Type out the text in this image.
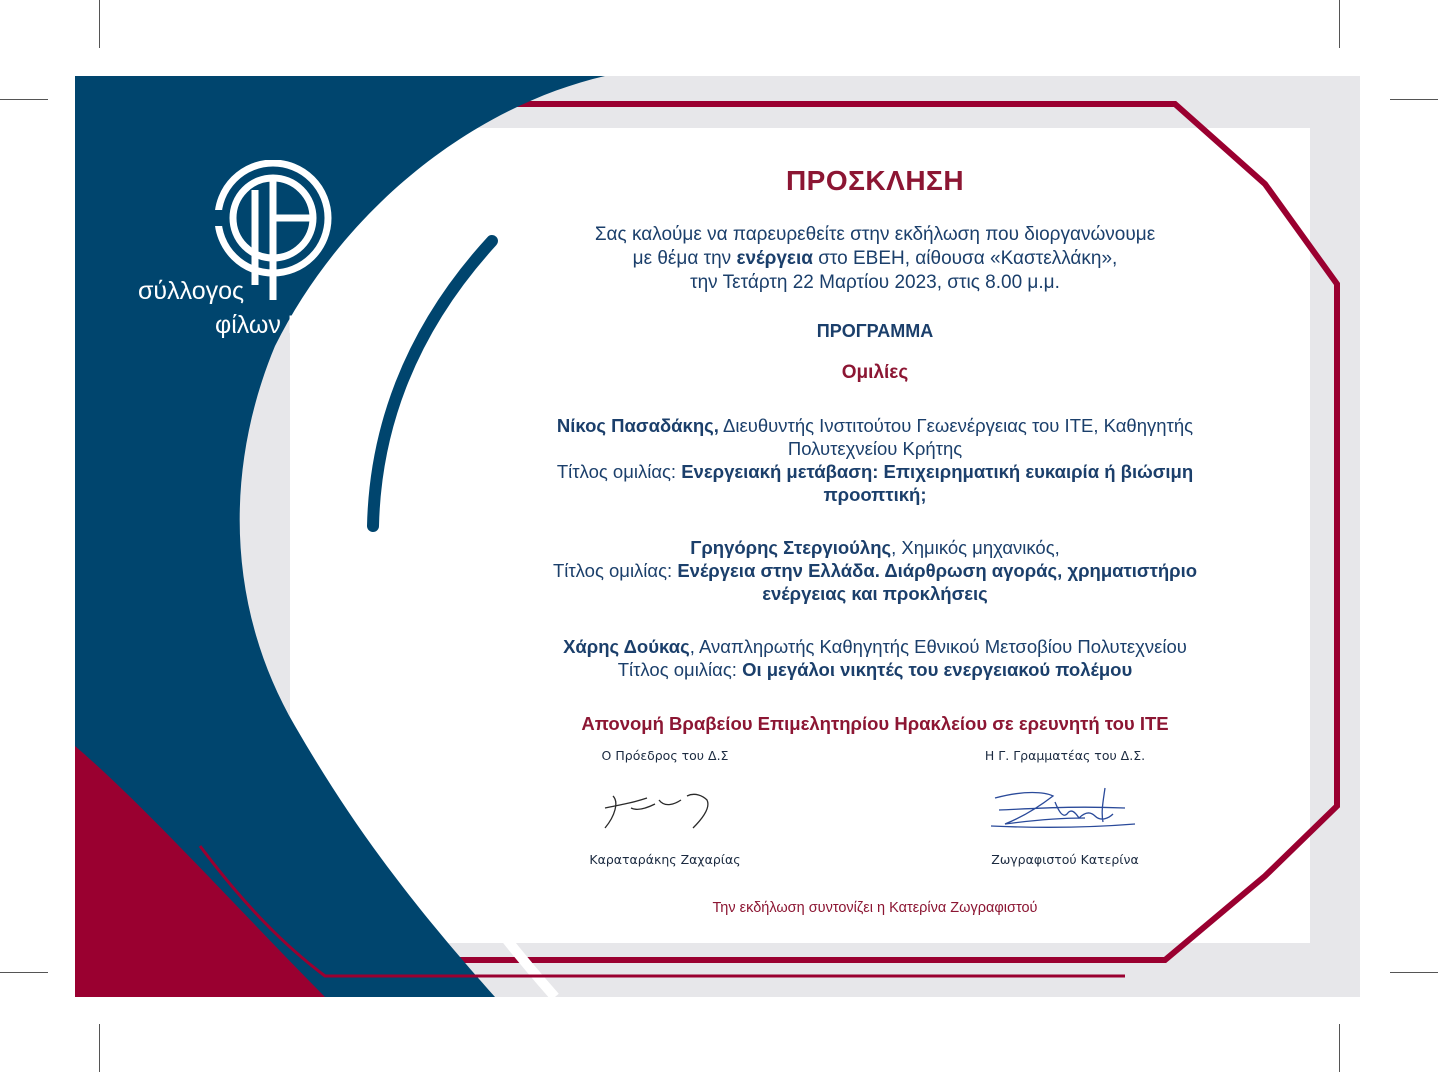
σύλλογος
φίλων ΙΤΕ
ΠΡΟΣΚΛΗΣΗ
Σας καλούμε να παρευρεθείτε στην εκδήλωση που διοργανώνουμε
με θέμα την ενέργεια στο ΕΒΕΗ, αίθουσα «Καστελλάκη»,
την Τετάρτη 22 Μαρτίου 2023, στις 8.00 μ.μ.
ΠΡΟΓΡΑΜΜΑ
Ομιλίες
Νίκος Πασαδάκης, Διευθυντής Ινστιτούτου Γεωενέργειας του ΙΤΕ, Καθηγητής Πολυτεχνείου Κρήτης
Τίτλος ομιλίας: Ενεργειακή μετάβαση: Επιχειρηματική ευκαιρία ή βιώσιμη προοπτική;
Γρηγόρης Στεργιούλης, Χημικός μηχανικός,
Τίτλος ομιλίας: Ενέργεια στην Ελλάδα. Διάρθρωση αγοράς, χρηματιστήριο ενέργειας και προκλήσεις
Χάρης Δούκας, Αναπληρωτής Καθηγητής Εθνικού Μετσοβίου Πολυτεχνείου
Τίτλος ομιλίας: Οι μεγάλοι νικητές του ενεργειακού πολέμου
Απονομή Βραβείου Επιμελητηρίου Ηρακλείου σε ερευνητή του ΙΤΕ
Ο Πρόεδρος του Δ.Σ
Καραταράκης Ζαχαρίας
Η Γ. Γραμματέας του Δ.Σ.
Ζωγραφιστού Κατερίνα
Την εκδήλωση συντονίζει η Κατερίνα Ζωγραφιστού
